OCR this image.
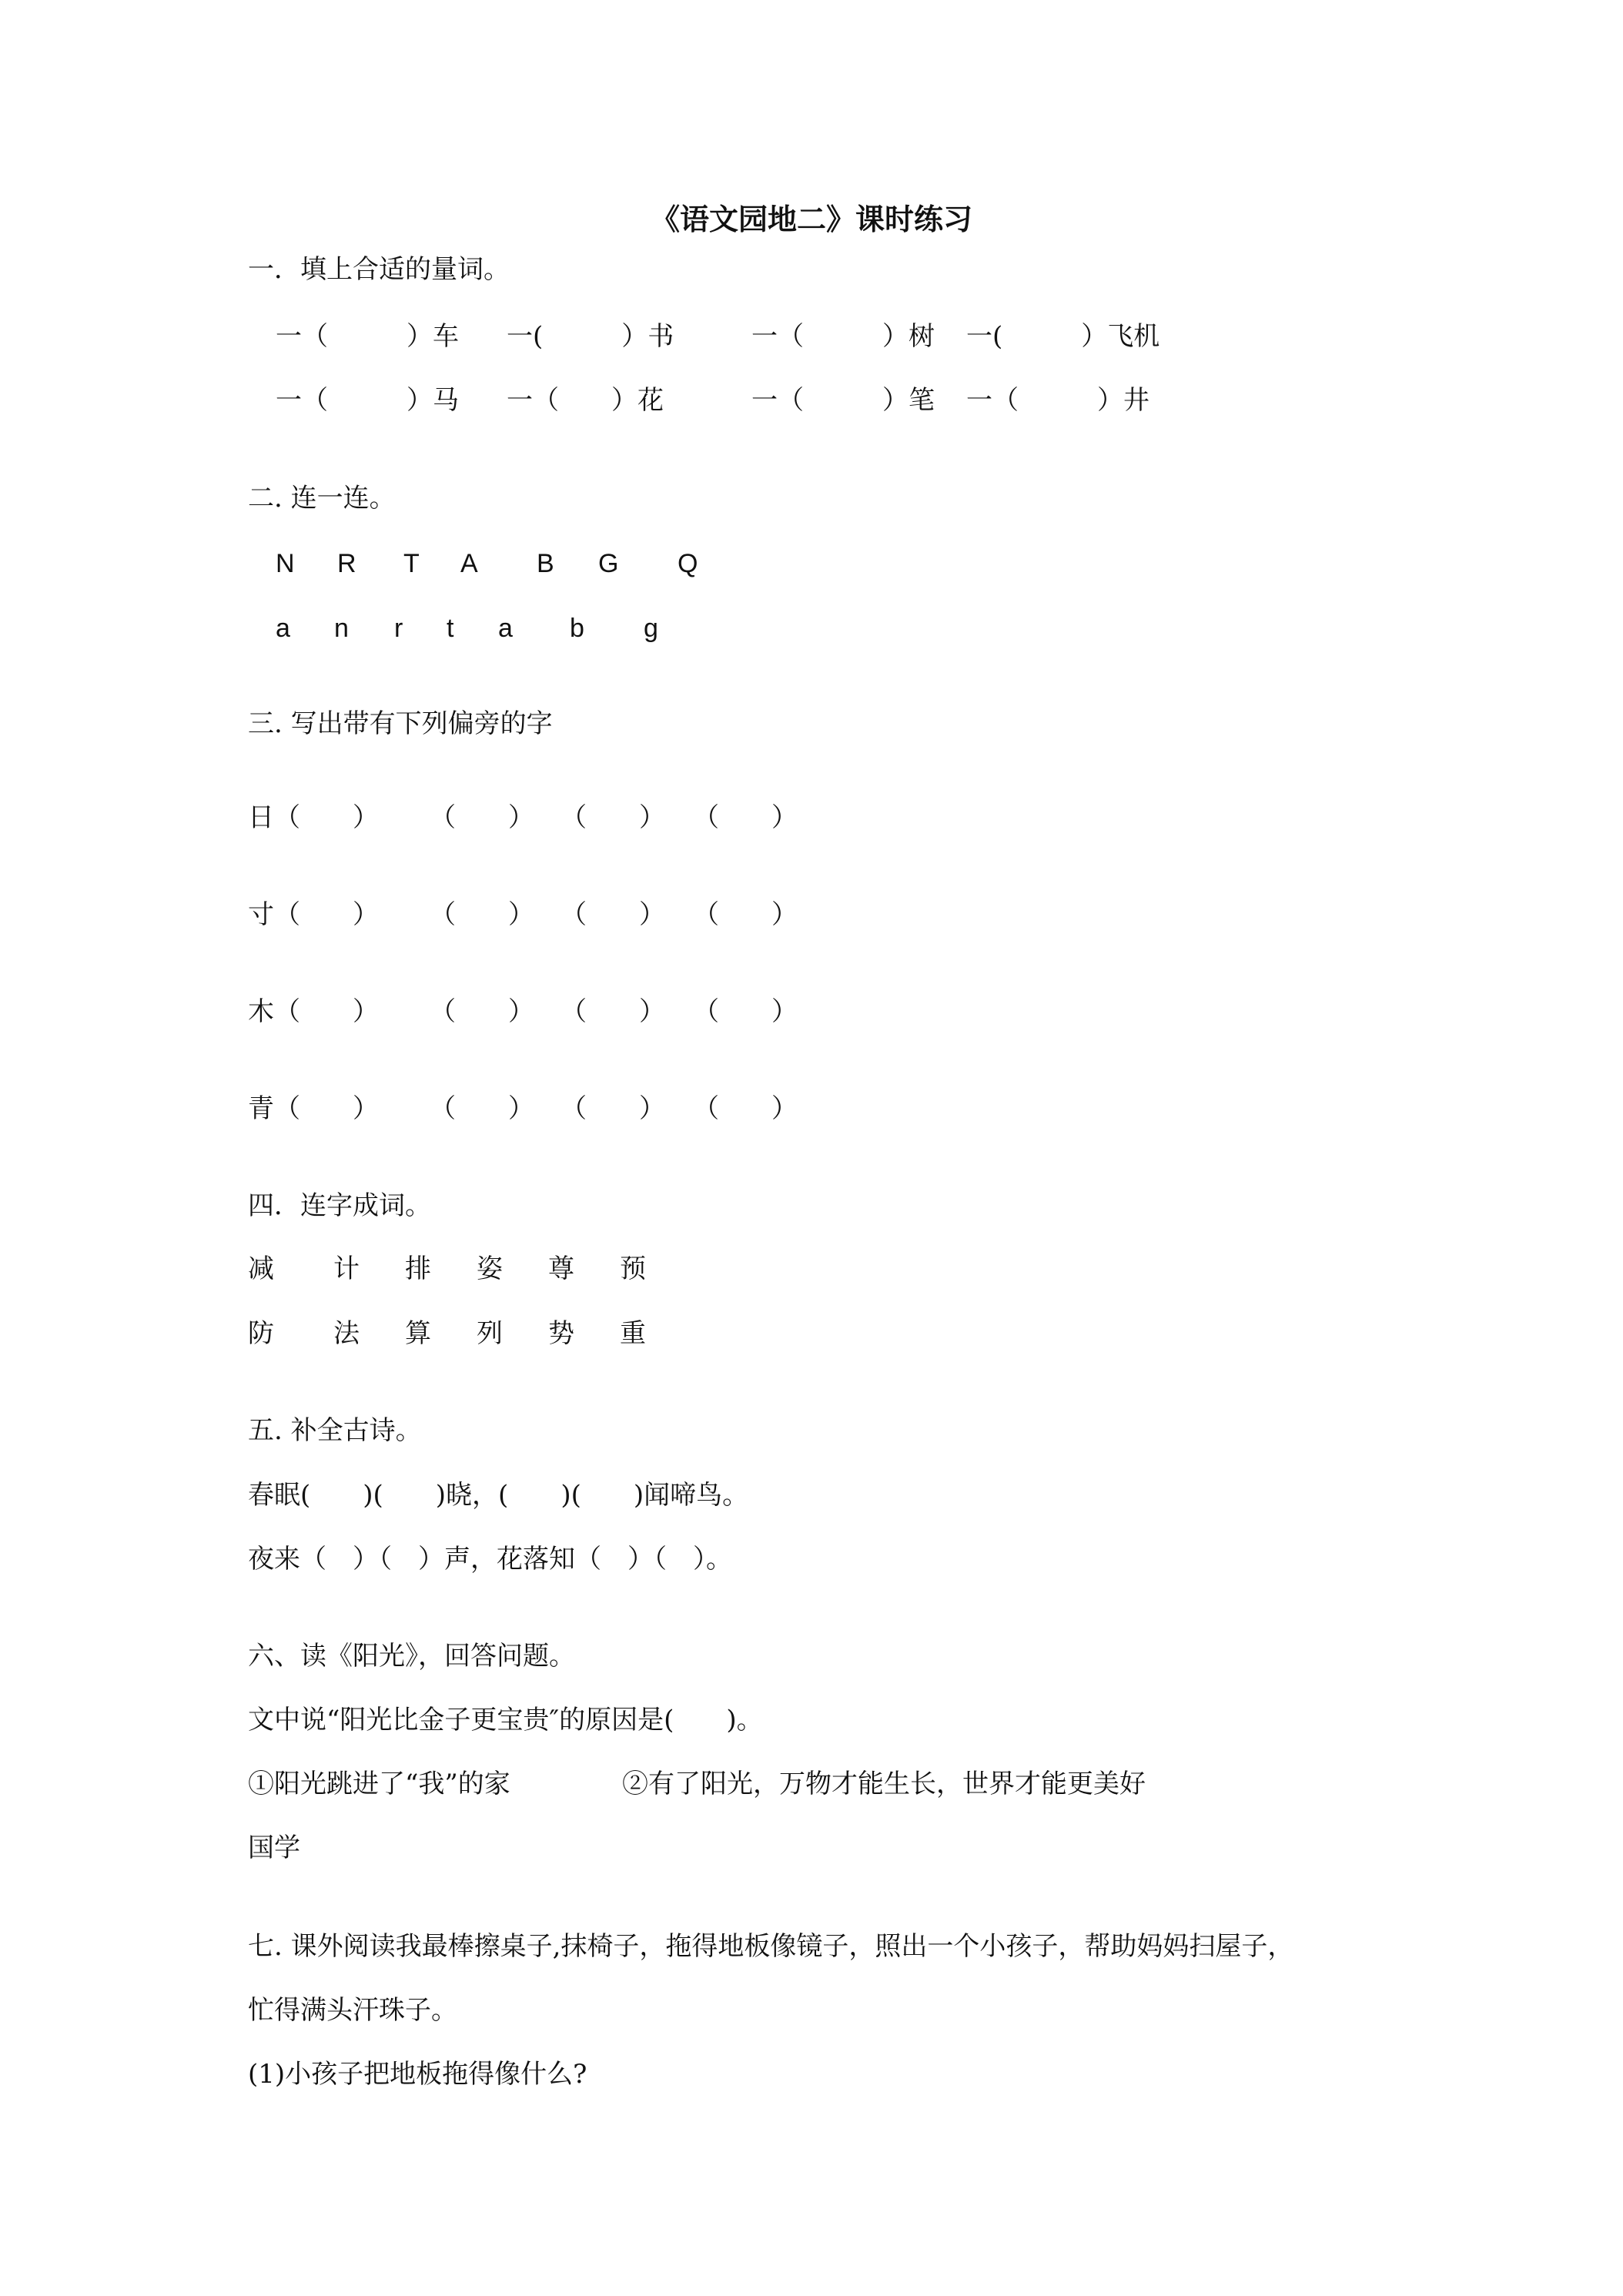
《语文园地二》课时练习
一．填上合适的量词。
一（　　　）车 一(　　　）书	一（　　　）树 一(　　　）飞机
一（　　　）马 一（　　）花	一（　　　）笔 一（　　　）井
二. 连一连。
N R T A B G Q
a n r t a b g
三. 写出带有下列偏旁的字
日（　　） （　　） （　　） （　　）
寸（　　） （　　） （　　） （　　）
木（　　） （　　） （　　） （　　）
青（　　） （　　） （　　） （　　）
四．连字成词。
减 计 排 姿 尊 预
防 法 算 列 势 重
五. 补全古诗。
春眠(　　)(　　)晓，(　　)(　　)闻啼鸟。
夜来（　）（　）声，花落知（　）（　）。
六、读《阳光》，回答问题。
文中说“阳光比金子更宝贵″的原因是(　　)。
①阳光跳进了“我”的家	②有了阳光，万物才能生长，世界才能更美好
国学
七. 课外阅读我最棒擦桌子,抹椅子，拖得地板像镜子，照出一个小孩子，帮助妈妈扫屋子，
忙得满头汗珠子。
(1)小孩子把地板拖得像什么?
